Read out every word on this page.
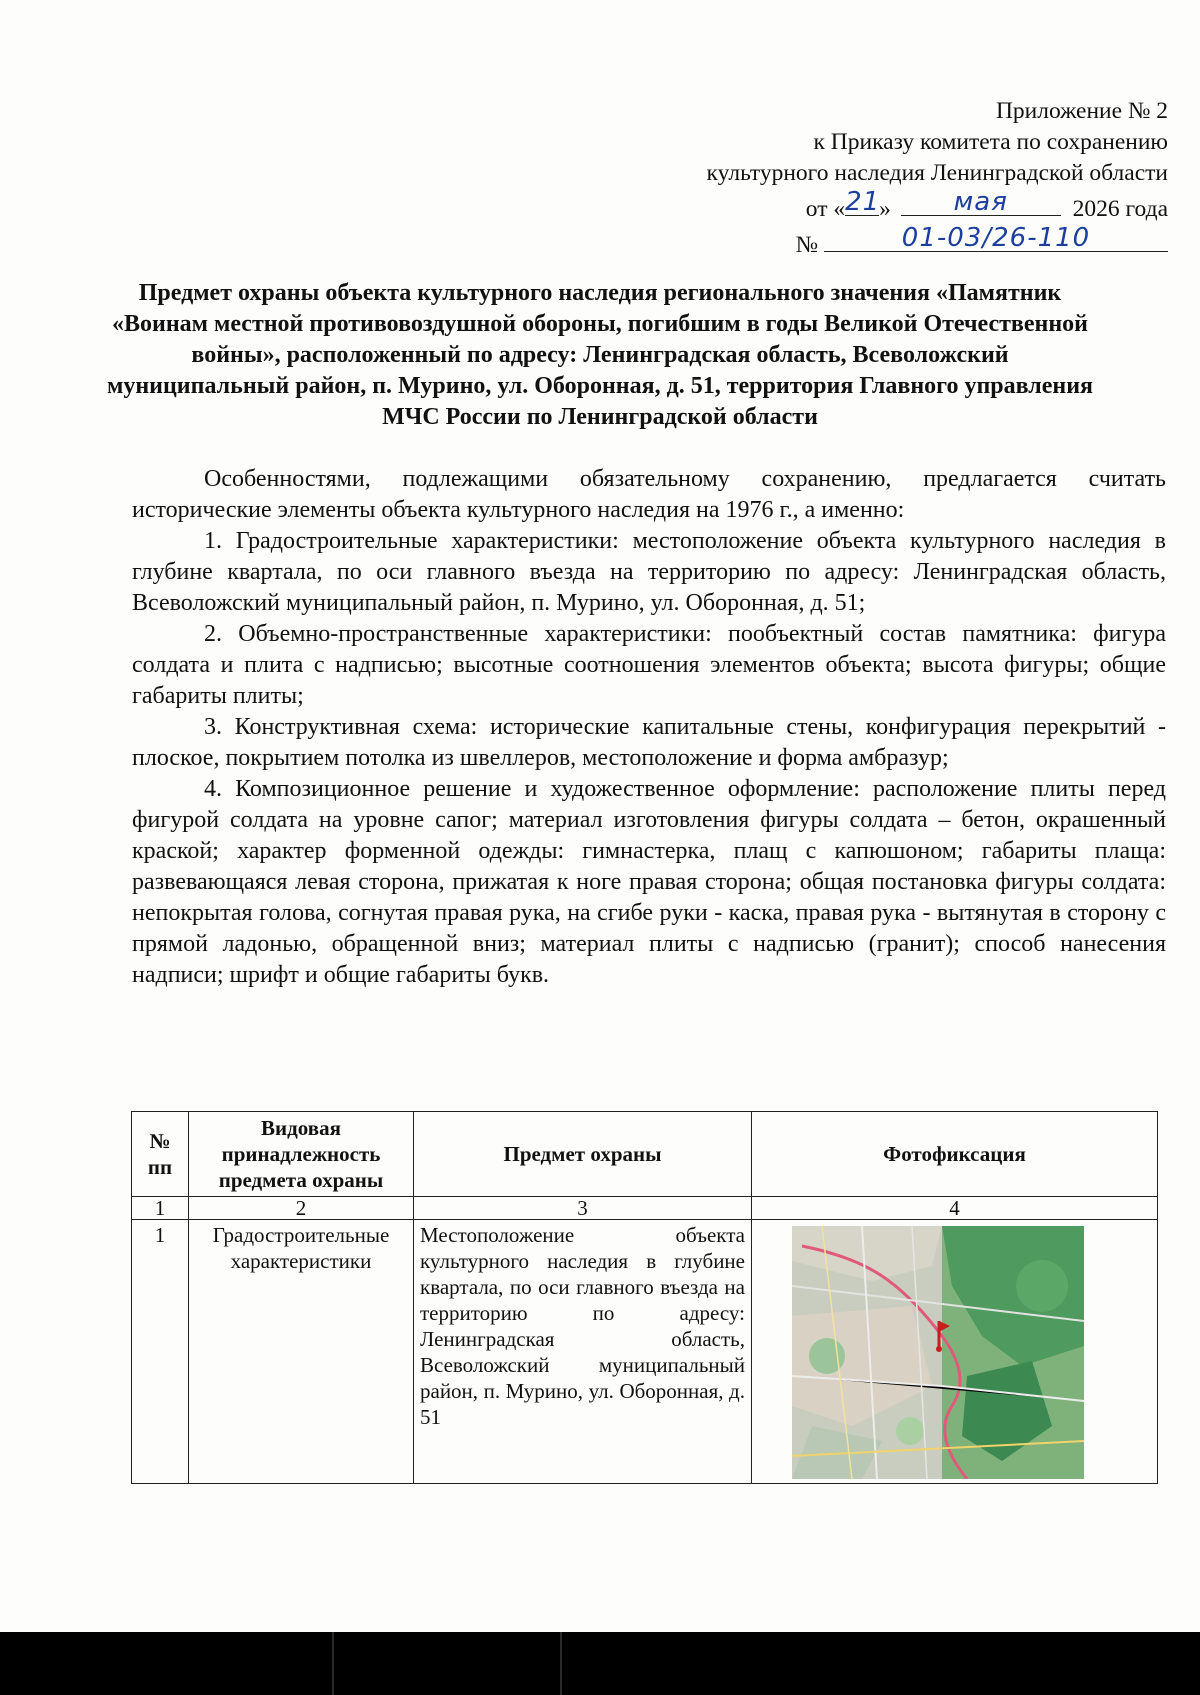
Приложение № 2
к Приказу комитета по сохранению
культурного наследия Ленинградской области
от « 21
»	мая	2026 года
№	01-03/26-110
Предмет охраны объекта культурного наследия регионального значения «Памятник «Воинам местной противовоздушной обороны, погибшим в годы Великой Отечественной войны», расположенный по адресу: Ленинградская область, Всеволожский муниципальный район, п. Мурино, ул. Оборонная, д. 51, территория Главного управления МЧС России по Ленинградской области

Особенностями, подлежащими обязательному сохранению, предлагается считать исторические элементы объекта культурного наследия на 1976 г., а именно:

1. Градостроительные характеристики: местоположение объекта культурного наследия в глубине квартала, по оси главного въезда на территорию по адресу: Ленинградская область, Всеволожский муниципальный район, п. Мурино, ул. Оборонная, д. 51;

2. Объемно-пространственные характеристики: пообъектный состав памятника: фигура солдата и плита с надписью; высотные соотношения элементов объекта; высота фигуры; общие габариты плиты;

3. Конструктивная схема: исторические капитальные стены, конфигурация перекрытий - плоское, покрытием потолка из швеллеров, местоположение и форма амбразур;

4. Композиционное решение и художественное оформление: расположение плиты перед фигурой солдата на уровне сапог; материал изготовления фигуры солдата – бетон, окрашенный краской; характер форменной одежды: гимнастерка, плащ с капюшоном; габариты плаща: развевающаяся левая сторона, прижатая к ноге правая сторона; общая постановка фигуры солдата: непокрытая голова, согнутая правая рука, на сгибе руки - каска, правая рука - вытянутая в сторону с прямой ладонью, обращенной вниз; материал плиты с надписью (гранит); способ нанесения надписи; шрифт и общие габариты букв.

№ пп	Видовая принадлежность предмета охраны	Предмет охраны	Фотофиксация
1	2	3	4
1	Градостроительные характеристики	Местоположение объекта культурного наследия в глубине квартала, по оси главного въезда на территорию по адресу: Ленинградская область, Всеволожский муниципальный район, п. Мурино, ул. Оборонная, д. 51	
